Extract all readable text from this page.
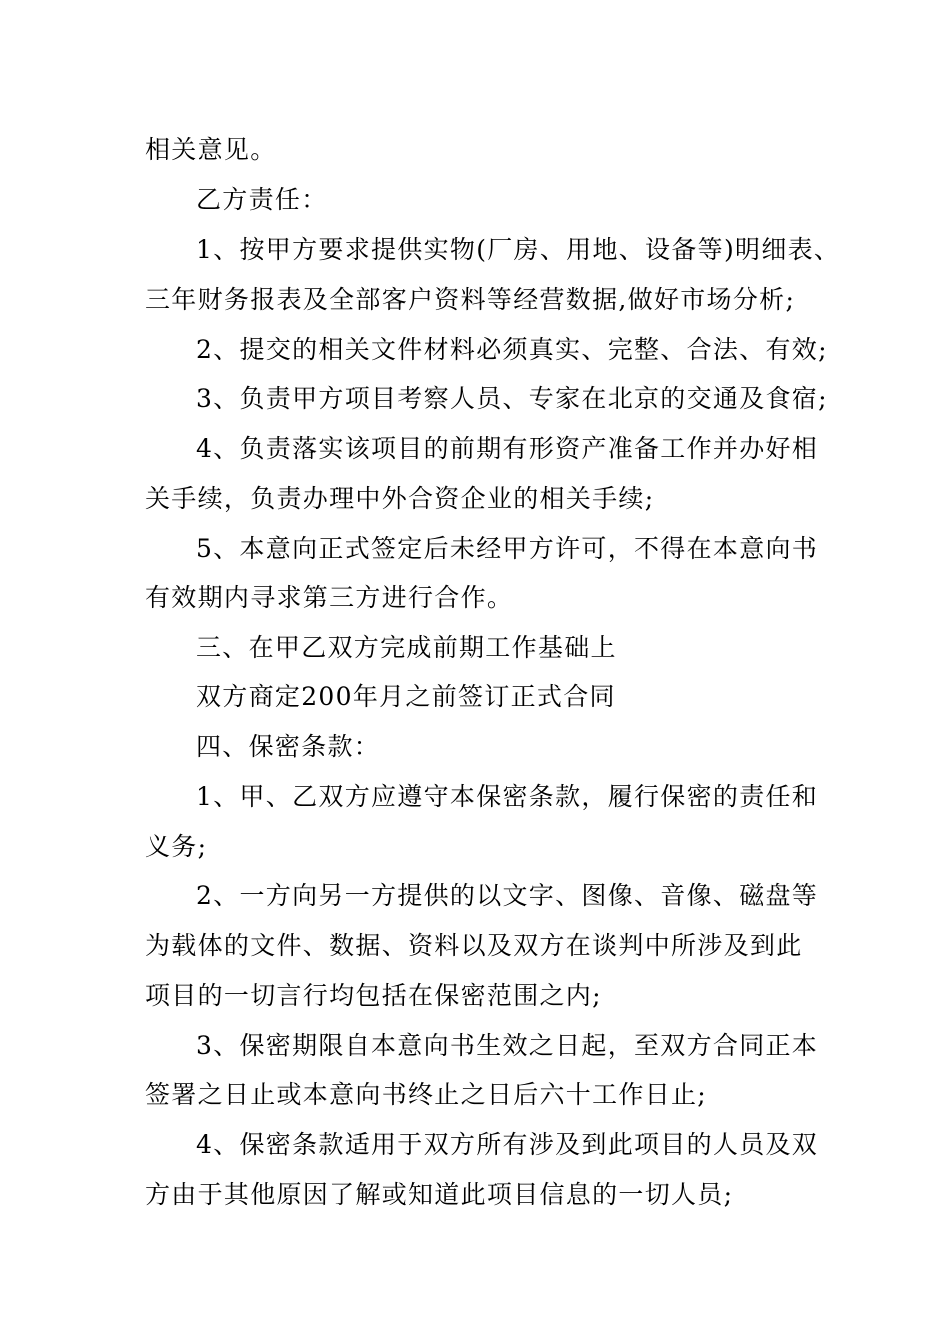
相关意见。
乙方责任：
1、按甲方要求提供实物(厂房、用地、设备等)明细表、
三年财务报表及全部客户资料等经营数据,做好市场分析;
2、提交的相关文件材料必须真实、完整、合法、有效;
3、负责甲方项目考察人员、专家在北京的交通及食宿;
4、负责落实该项目的前期有形资产准备工作并办好相
关手续，负责办理中外合资企业的相关手续;
5、本意向正式签定后未经甲方许可，不得在本意向书
有效期内寻求第三方进行合作。
三、在甲乙双方完成前期工作基础上
双方商定200年月之前签订正式合同
四、保密条款：
1、甲、乙双方应遵守本保密条款，履行保密的责任和
义务;
2、一方向另一方提供的以文字、图像、音像、磁盘等
为载体的文件、数据、资料以及双方在谈判中所涉及到此
项目的一切言行均包括在保密范围之内;
3、保密期限自本意向书生效之日起，至双方合同正本
签署之日止或本意向书终止之日后六十工作日止;
4、保密条款适用于双方所有涉及到此项目的人员及双
方由于其他原因了解或知道此项目信息的一切人员;
